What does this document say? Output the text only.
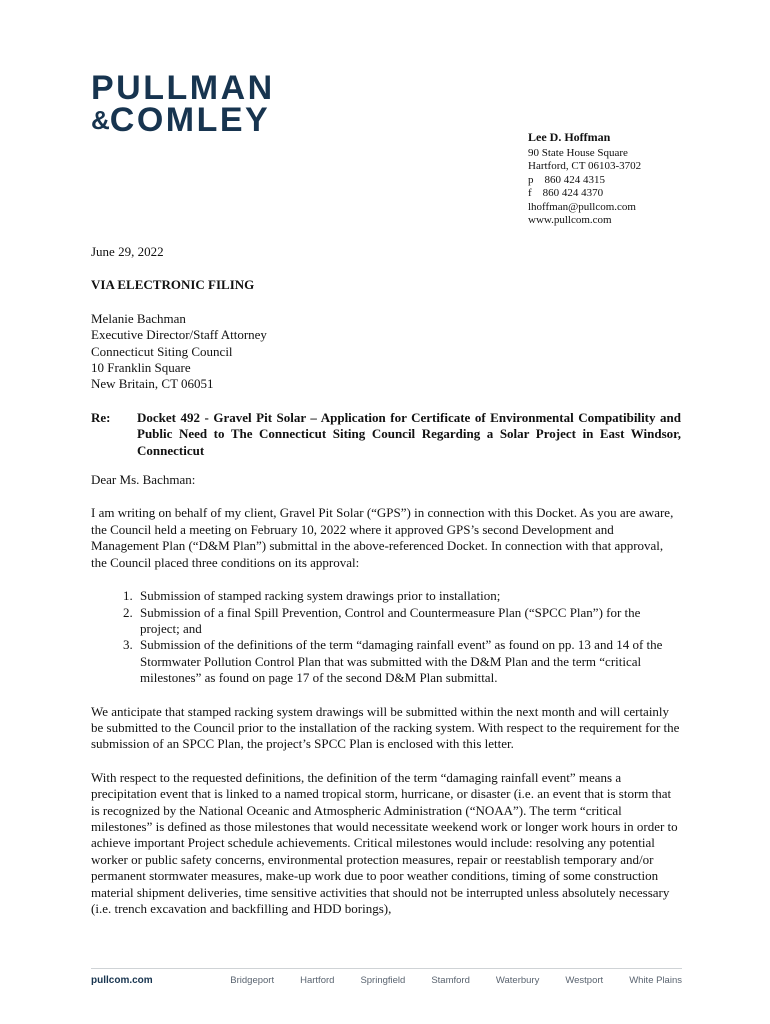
PULLMAN
&COMLEY	Lee D. Hoffman
90 State House Square
Hartford, CT 06103-3702
p    860 424 4315
f    860 424 4370
lhoffman@pullcom.com
www.pullcom.com
June 29, 2022
VIA ELECTRONIC FILING
Melanie Bachman
Executive Director/Staff Attorney
Connecticut Siting Council
10 Franklin Square
New Britain, CT 06051
Re:	Docket 492 - Gravel Pit Solar – Application for Certificate of Environmental Compatibility and Public Need to The Connecticut Siting Council Regarding a Solar Project in East Windsor, Connecticut
Dear Ms. Bachman:
I am writing on behalf of my client, Gravel Pit Solar (“GPS”) in connection with this Docket. As you are aware, the Council held a meeting on February 10, 2022 where it approved GPS’s second Development and Management Plan (“D&M Plan”) submittal in the above-referenced Docket. In connection with that approval, the Council placed three conditions on its approval:
1. Submission of stamped racking system drawings prior to installation;
2. Submission of a final Spill Prevention, Control and Countermeasure Plan (“SPCC Plan”) for the project; and
3. Submission of the definitions of the term “damaging rainfall event” as found on pp. 13 and 14 of the Stormwater Pollution Control Plan that was submitted with the D&M Plan and the term “critical milestones” as found on page 17 of the second D&M Plan submittal.
We anticipate that stamped racking system drawings will be submitted within the next month and will certainly be submitted to the Council prior to the installation of the racking system. With respect to the requirement for the submission of an SPCC Plan, the project’s SPCC Plan is enclosed with this letter.
With respect to the requested definitions, the definition of the term “damaging rainfall event” means a precipitation event that is linked to a named tropical storm, hurricane, or disaster (i.e. an event that is storm that is recognized by the National Oceanic and Atmospheric Administration (“NOAA”). The term “critical milestones” is defined as those milestones that would necessitate weekend work or longer work hours in order to achieve important Project schedule achievements. Critical milestones would include: resolving any potential worker or public safety concerns, environmental protection measures, repair or reestablish temporary and/or permanent stormwater measures, make-up work due to poor weather conditions, timing of some construction material shipment deliveries, time sensitive activities that should not be interrupted unless absolutely necessary (i.e. trench excavation and backfilling and HDD borings),
pullcom.com	Bridgeport	Hartford	Springfield	Stamford	Waterbury	Westport	White Plains
